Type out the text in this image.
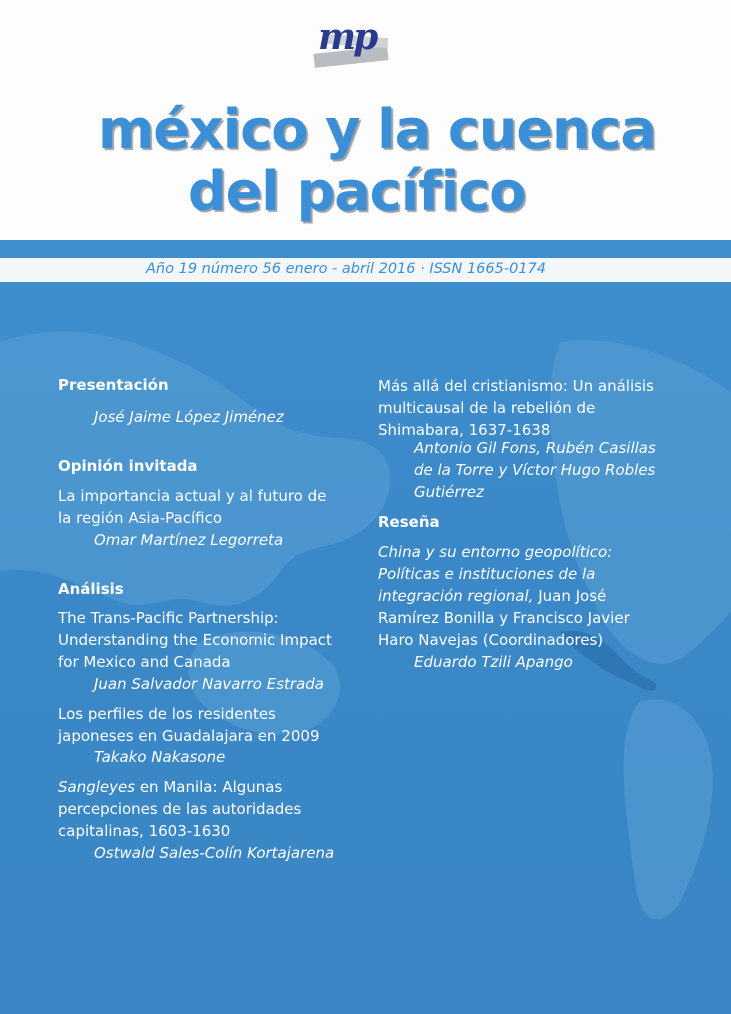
mp
méxico y la cuenca
del pacífico
Año 19 número 56 enero - abril 2016 · ISSN 1665-0174
Presentación
José Jaime López Jiménez
Opinión invitada
La importancia actual y al futuro de
la región Asia-Pacífico
Omar Martínez Legorreta
Análisis
The Trans-Pacific Partnership:
Understanding the Economic Impact
for Mexico and Canada
Juan Salvador Navarro Estrada
Los perfiles de los residentes
japoneses en Guadalajara en 2009
Takako Nakasone
Sangleyes en Manila: Algunas
percepciones de las autoridades
capitalinas, 1603-1630
Ostwald Sales-Colín Kortajarena
Más allá del cristianismo: Un análisis
multicausal de la rebelión de
Shimabara, 1637-1638
Antonio Gil Fons, Rubén Casillas
de la Torre y Víctor Hugo Robles
Gutiérrez
Reseña
China y su entorno geopolítico:
Políticas e instituciones de la
integración regional, Juan José
Ramírez Bonilla y Francisco Javier
Haro Navejas (Coordinadores)
Eduardo Tzili Apango
